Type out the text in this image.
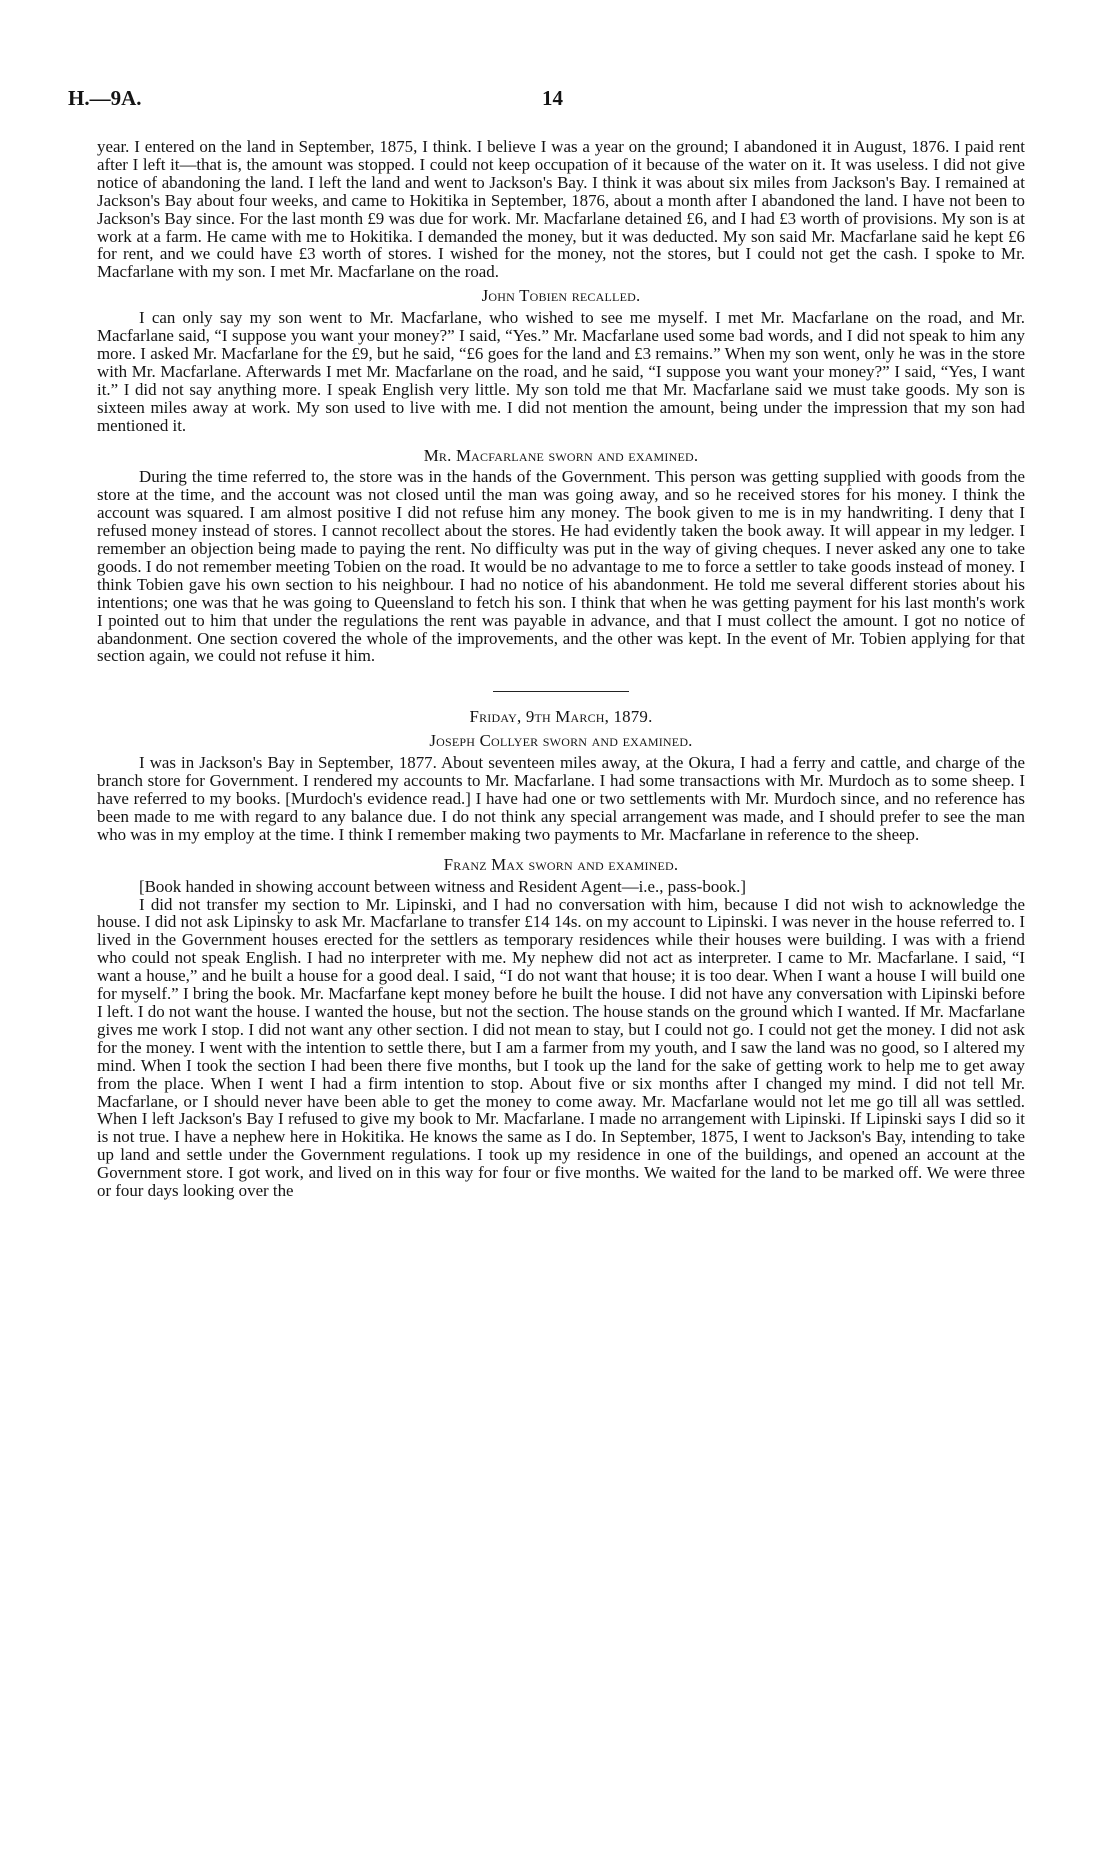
H.—9A.	14

year. I entered on the land in September, 1875, I think. I believe I was a year on the ground; I abandoned it in August, 1876. I paid rent after I left it—that is, the amount was stopped. I could not keep occupation of it because of the water on it. It was useless. I did not give notice of abandoning the land. I left the land and went to Jackson's Bay. I think it was about six miles from Jackson's Bay. I remained at Jackson's Bay about four weeks, and came to Hokitika in September, 1876, about a month after I abandoned the land. I have not been to Jackson's Bay since. For the last month £9 was due for work. Mr. Macfarlane detained £6, and I had £3 worth of provisions. My son is at work at a farm. He came with me to Hokitika. I demanded the money, but it was deducted. My son said Mr. Macfarlane said he kept £6 for rent, and we could have £3 worth of stores. I wished for the money, not the stores, but I could not get the cash. I spoke to Mr. Macfarlane with my son. I met Mr. Macfarlane on the road.

John Tobien recalled.

I can only say my son went to Mr. Macfarlane, who wished to see me myself. I met Mr. Macfarlane on the road, and Mr. Macfarlane said, “I suppose you want your money?” I said, “Yes.” Mr. Macfarlane used some bad words, and I did not speak to him any more. I asked Mr. Macfarlane for the £9, but he said, “£6 goes for the land and £3 remains.” When my son went, only he was in the store with Mr. Macfarlane. Afterwards I met Mr. Macfarlane on the road, and he said, “I suppose you want your money?” I said, “Yes, I want it.” I did not say anything more. I speak English very little. My son told me that Mr. Macfarlane said we must take goods. My son is sixteen miles away at work. My son used to live with me. I did not mention the amount, being under the impression that my son had mentioned it.

Mr. Macfarlane sworn and examined.

During the time referred to, the store was in the hands of the Government. This person was getting supplied with goods from the store at the time, and the account was not closed until the man was going away, and so he received stores for his money. I think the account was squared. I am almost positive I did not refuse him any money. The book given to me is in my handwriting. I deny that I refused money instead of stores. I cannot recollect about the stores. He had evidently taken the book away. It will appear in my ledger. I remember an objection being made to paying the rent. No difficulty was put in the way of giving cheques. I never asked any one to take goods. I do not remember meeting Tobien on the road. It would be no advantage to me to force a settler to take goods instead of money. I think Tobien gave his own section to his neighbour. I had no notice of his abandonment. He told me several different stories about his intentions; one was that he was going to Queensland to fetch his son. I think that when he was getting payment for his last month's work I pointed out to him that under the regulations the rent was payable in advance, and that I must collect the amount. I got no notice of abandonment. One section covered the whole of the improvements, and the other was kept. In the event of Mr. Tobien applying for that section again, we could not refuse it him.

Friday, 9th March, 1879.
Joseph Collyer sworn and examined.

I was in Jackson's Bay in September, 1877. About seventeen miles away, at the Okura, I had a ferry and cattle, and charge of the branch store for Government. I rendered my accounts to Mr. Macfarlane. I had some transactions with Mr. Murdoch as to some sheep. I have referred to my books. [Murdoch's evidence read.] I have had one or two settlements with Mr. Murdoch since, and no reference has been made to me with regard to any balance due. I do not think any special arrangement was made, and I should prefer to see the man who was in my employ at the time. I think I remember making two payments to Mr. Macfarlane in reference to the sheep.

Franz Max sworn and examined.

[Book handed in showing account between witness and Resident Agent—i.e., pass-book.]

I did not transfer my section to Mr. Lipinski, and I had no conversation with him, because I did not wish to acknowledge the house. I did not ask Lipinsky to ask Mr. Macfarlane to transfer £14 14s. on my account to Lipinski. I was never in the house referred to. I lived in the Government houses erected for the settlers as temporary residences while their houses were building. I was with a friend who could not speak English. I had no interpreter with me. My nephew did not act as interpreter. I came to Mr. Macfarlane. I said, “I want a house,” and he built a house for a good deal. I said, “I do not want that house; it is too dear. When I want a house I will build one for myself.” I bring the book. Mr. Macfarfane kept money before he built the house. I did not have any conversation with Lipinski before I left. I do not want the house. I wanted the house, but not the section. The house stands on the ground which I wanted. If Mr. Macfarlane gives me work I stop. I did not want any other section. I did not mean to stay, but I could not go. I could not get the money. I did not ask for the money. I went with the intention to settle there, but I am a farmer from my youth, and I saw the land was no good, so I altered my mind. When I took the section I had been there five months, but I took up the land for the sake of getting work to help me to get away from the place. When I went I had a firm intention to stop. About five or six months after I changed my mind. I did not tell Mr. Macfarlane, or I should never have been able to get the money to come away. Mr. Macfarlane would not let me go till all was settled. When I left Jackson's Bay I refused to give my book to Mr. Macfarlane. I made no arrangement with Lipinski. If Lipinski says I did so it is not true. I have a nephew here in Hokitika. He knows the same as I do. In September, 1875, I went to Jackson's Bay, intending to take up land and settle under the Government regulations. I took up my residence in one of the buildings, and opened an account at the Government store. I got work, and lived on in this way for four or five months. We waited for the land to be marked off. We were three or four days looking over the
